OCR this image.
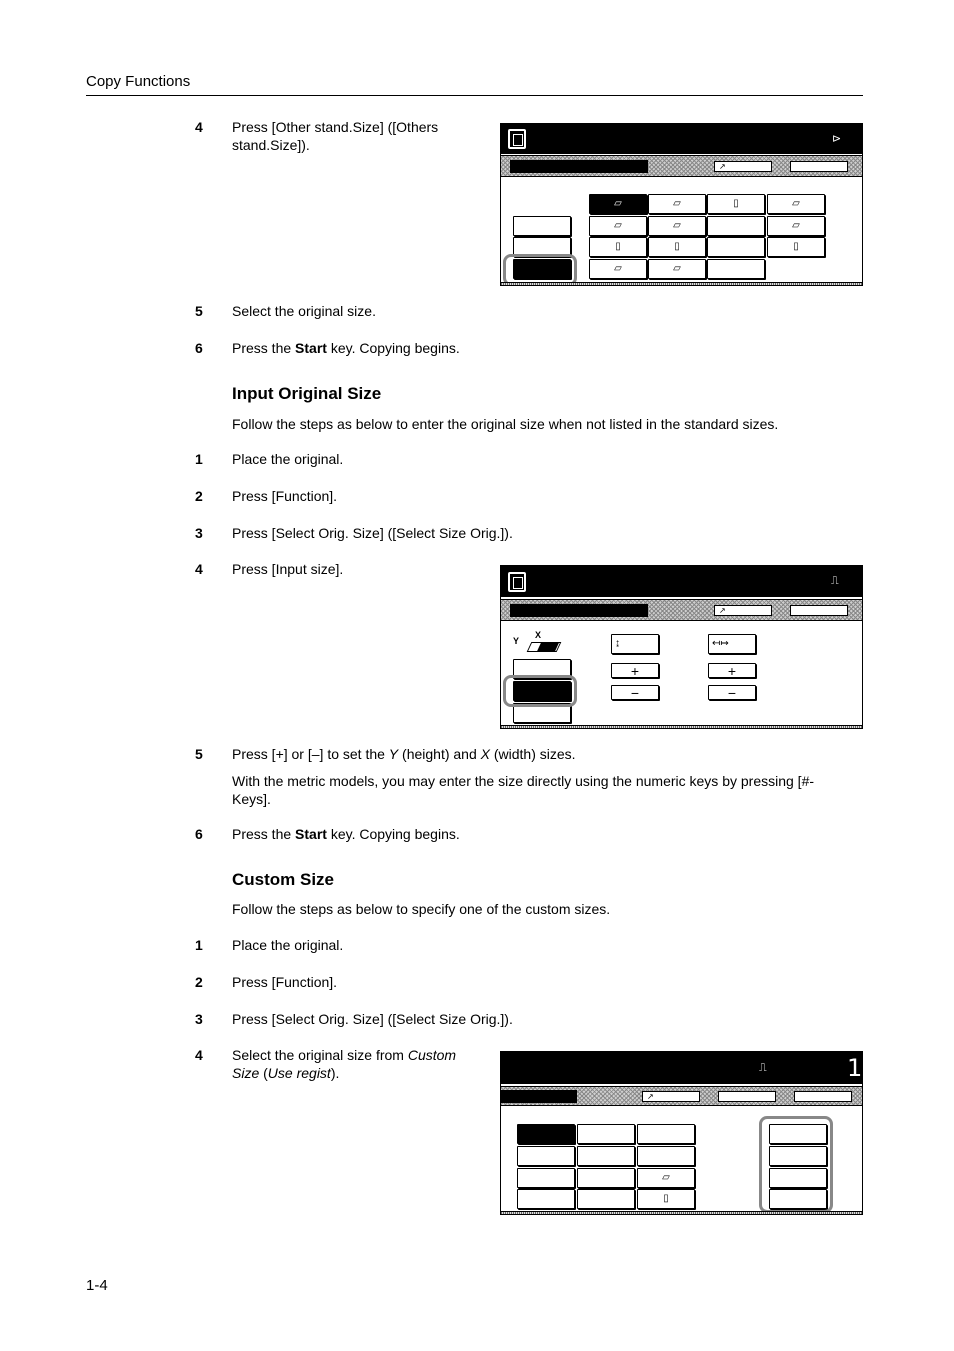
Copy Functions
4 Press [Other stand.Size] ([Others stand.Size]).
5 Select the original size.
6 Press the Start key. Copying begins.
⊳
↗
▱	▱	▯	▱
▱	▱	▱
▯	▯	▯
▱	▱
Input Original Size
Follow the steps as below to enter the original size when not listed in the standard sizes.
1 Place the original.
2 Press [Function].
3 Press [Select Orig. Size] ([Select Size Orig.]).
4 Press [Input size].
⎍
↗
Y
X
↨	↤↦
+	+
−	−
5 Press [+] or [–] to set the Y (height) and X (width) sizes.
With the metric models, you may enter the size directly using the numeric keys by pressing [#-Keys].
6 Press the Start key. Copying begins.
Custom Size
Follow the steps as below to specify one of the custom sizes.
1 Place the original.
2 Press [Function].
3 Press [Select Orig. Size] ([Select Size Orig.]).
4 Select the original size from Custom Size (Use regist).	⎍	1
↗
▱
▯
1-4
